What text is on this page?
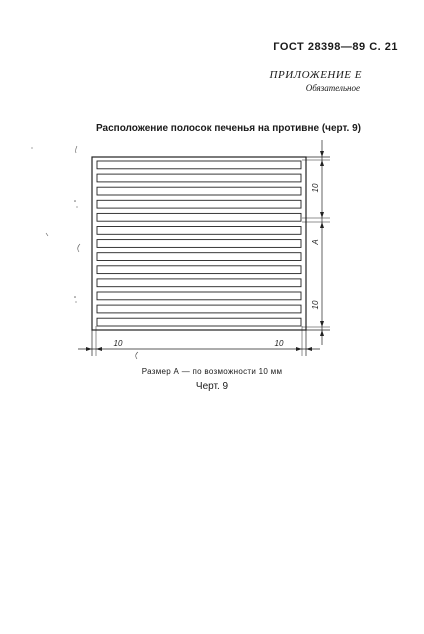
ГОСТ 28398—89 С. 21
ПРИЛОЖЕНИЕ Е
Обязательное
Расположение полосок печенья на противне (черт. 9)
10
A
10
10	10
Размер А — по возможности 10 мм
Черт. 9
